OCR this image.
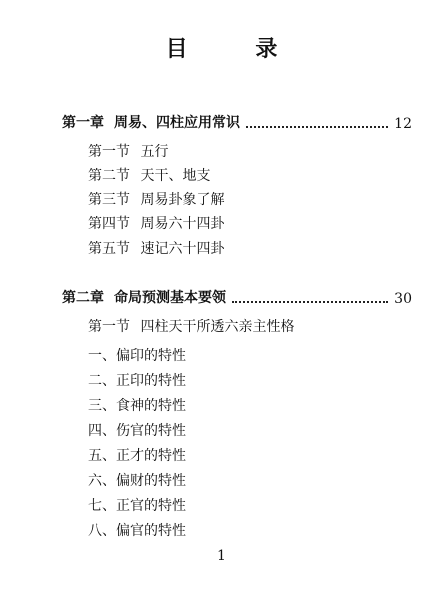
目 录
第一章 周易、四柱应用常识	12
第一节 五行
第二节 天干、地支
第三节 周易卦象了解
第四节 周易六十四卦
第五节 速记六十四卦
第二章 命局预测基本要领	30
第一节 四柱天干所透六亲主性格
一、偏印的特性
二、正印的特性
三、食神的特性
四、伤官的特性
五、正才的特性
六、偏财的特性
七、正官的特性
八、偏官的特性
1
